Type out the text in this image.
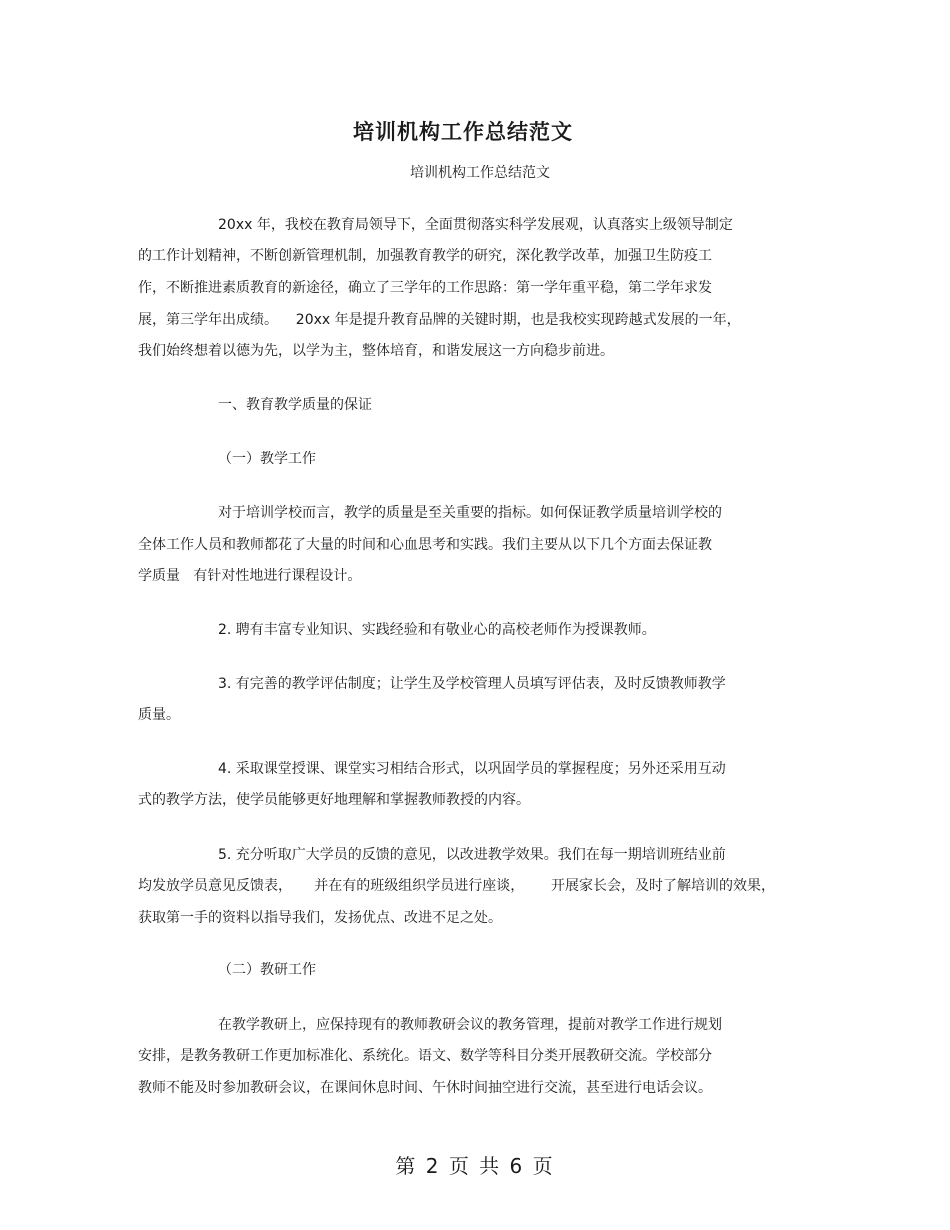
培训机构工作总结范文
培训机构工作总结范文
20xx 年，我校在教育局领导下，全面贯彻落实科学发展观，认真落实上级领导制定
的工作计划精神，不断创新管理机制，加强教育教学的研究，深化教学改革，加强卫生防疫工
作，不断推进素质教育的新途径，确立了三学年的工作思路：第一学年重平稳，第二学年求发
展，第三学年出成绩。    20xx 年是提升教育品牌的关键时期，也是我校实现跨越式发展的一年，
我们始终想着以德为先，以学为主，整体培育，和谐发展这一方向稳步前进。
一、教育教学质量的保证
（一）教学工作
对于培训学校而言，教学的质量是至关重要的指标。如何保证教学质量培训学校的
全体工作人员和教师都花了大量的时间和心血思考和实践。我们主要从以下几个方面去保证教
学质量   有针对性地进行课程设计。
2. 聘有丰富专业知识、实践经验和有敬业心的高校老师作为授课教师。
3. 有完善的教学评估制度；让学生及学校管理人员填写评估表，及时反馈教师教学
质量。
4. 采取课堂授课、课堂实习相结合形式，以巩固学员的掌握程度；另外还采用互动
式的教学方法，使学员能够更好地理解和掌握教师教授的内容。
5. 充分听取广大学员的反馈的意见，以改进教学效果。我们在每一期培训班结业前
均发放学员意见反馈表，     并在有的班级组织学员进行座谈，      开展家长会，及时了解培训的效果，
获取第一手的资料以指导我们，发扬优点、改进不足之处。
（二）教研工作
在教学教研上，应保持现有的教师教研会议的教务管理，提前对教学工作进行规划
安排，是教务教研工作更加标准化、系统化。语文、数学等科目分类开展教研交流。学校部分
教师不能及时参加教研会议，在课间休息时间、午休时间抽空进行交流，甚至进行电话会议。
第 2 页 共 6 页
